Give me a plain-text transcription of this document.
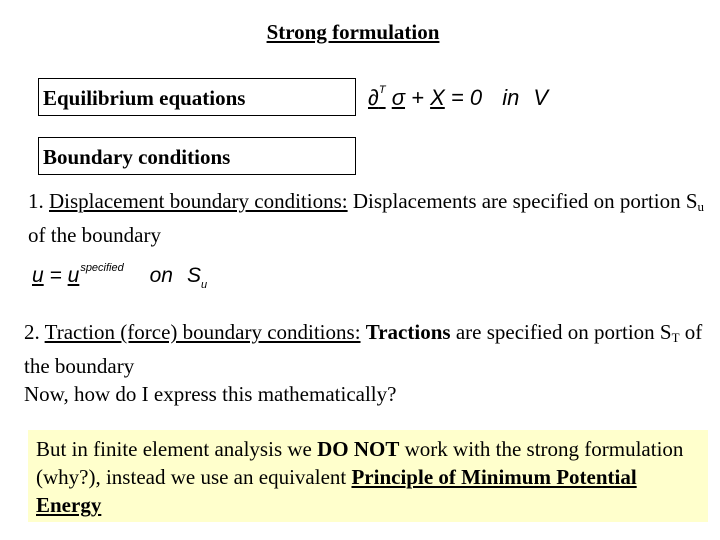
Strong formulation
Equilibrium equations	∂$^T$ σ + X = 0 in V
Boundary conditions
1. Displacement boundary conditions: Displacements are specified on portion $S_u$ of the boundary
$u = u^{specified}$ on $S_u$
2. Traction (force) boundary conditions: Tractions are specified on portion $S_T$ of the boundary
Now, how do I express this mathematically?
But in finite element analysis we DO NOT work with the strong formulation (why?), instead we use an equivalent Principle of Minimum Potential Energy
